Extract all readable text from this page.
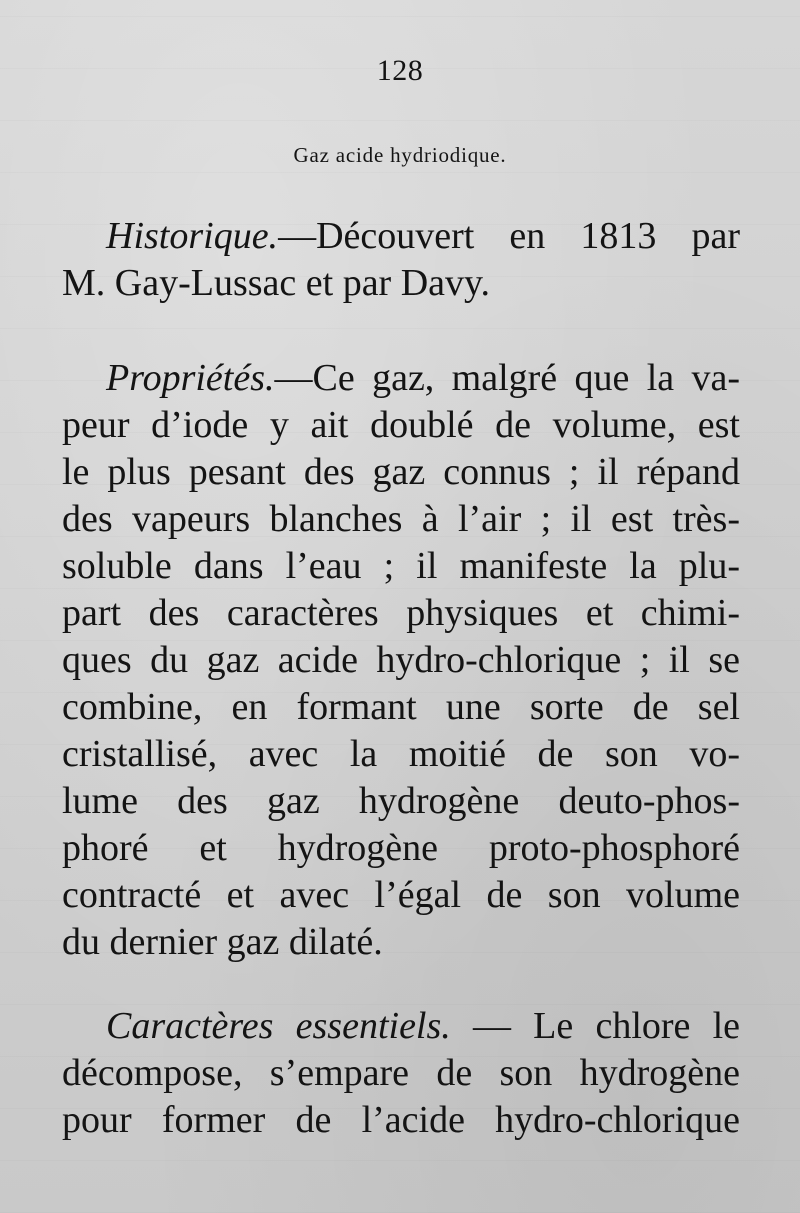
128
Gaz acide hydriodique.
Historique.—Découvert en 1813 par
M. Gay-Lussac et par Davy.
Propriétés.—Ce gaz, malgré que la va-
peur d’iode y ait doublé de volume, est
le plus pesant des gaz connus ; il répand
des vapeurs blanches à l’air ; il est très-
soluble dans l’eau ; il manifeste la plu-
part des caractères physiques et chimi-
ques du gaz acide hydro-chlorique ; il se
combine, en formant une sorte de sel
cristallisé, avec la moitié de son vo-
lume des gaz hydrogène deuto-phos-
phoré et hydrogène proto-phosphoré
contracté et avec l’égal de son volume
du dernier gaz dilaté.
Caractères essentiels. — Le chlore le
décompose, s’empare de son hydrogène
pour former de l’acide hydro-chlorique
